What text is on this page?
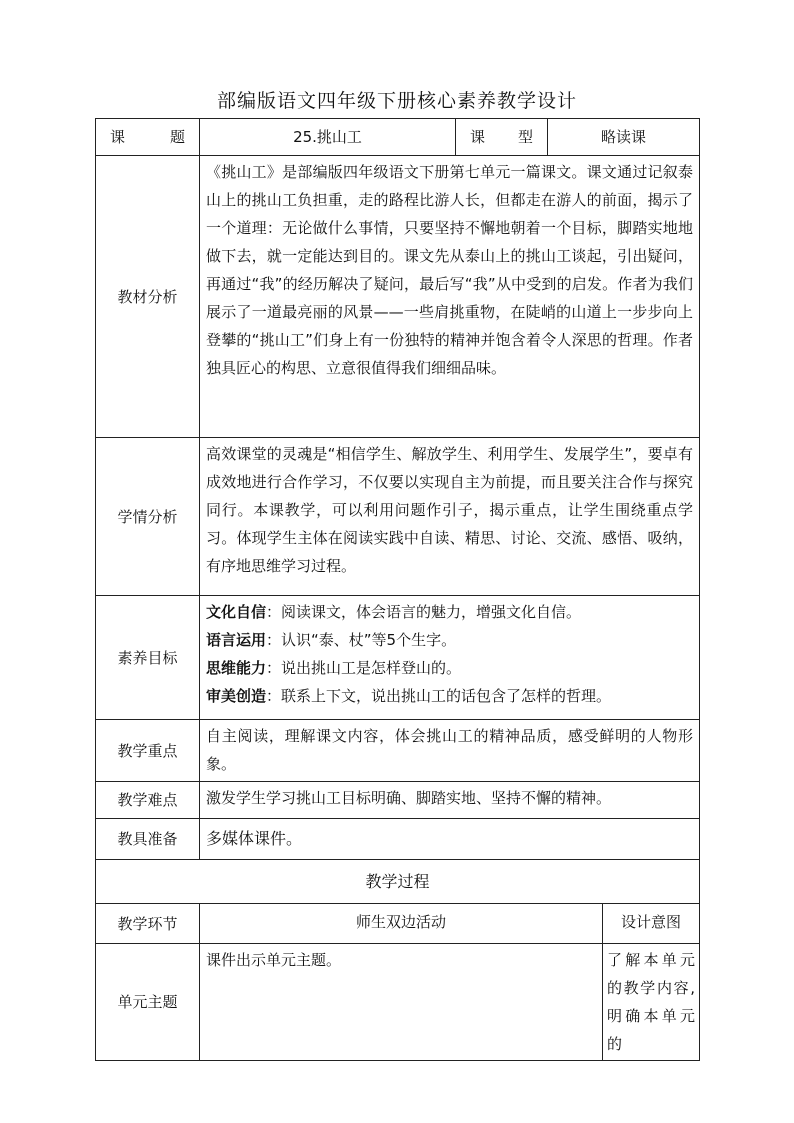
部编版语文四年级下册核心素养教学设计
课　　题	25.挑山工	课　型	略读课	
教材分析	《挑山工》是部编版四年级语文下册第七单元一篇课文。课文通过记叙泰山上的挑山工负担重，走的路程比游人长，但都走在游人的前面，揭示了一个道理：无论做什么事情，只要坚持不懈地朝着一个目标，脚踏实地地做下去，就一定能达到目的。课文先从泰山上的挑山工谈起，引出疑问，再通过“我”的经历解决了疑问，最后写“我”从中受到的启发。作者为我们展示了一道最亮丽的风景——一些肩挑重物，在陡峭的山道上一步步向上登攀的“挑山工”们身上有一份独特的精神并饱含着令人深思的哲理。作者独具匠心的构思、立意很值得我们细细品味。			
学情分析	高效课堂的灵魂是“相信学生、解放学生、利用学生、发展学生”，要卓有成效地进行合作学习，不仅要以实现自主为前提，而且要关注合作与探究同行。本课教学，可以利用问题作引子，揭示重点，让学生围绕重点学习。体现学生主体在阅读实践中自读、精思、讨论、交流、感悟、吸纳，有序地思维学习过程。			
素养目标	文化自信：阅读课文，体会语言的魅力，增强文化自信。
语言运用：认识“泰、杖”等5个生字。
思维能力：说出挑山工是怎样登山的。
审美创造：联系上下文，说出挑山工的话包含了怎样的哲理。			

教学重点	自主阅读，理解课文内容，体会挑山工的精神品质，感受鲜明的人物形象。			
教学难点	激发学生学习挑山工目标明确、脚踏实地、坚持不懈的精神。			
教具准备	多媒体课件。			
教学过程				
教学环节	师生双边活动			设计意图
单元主题	课件出示单元主题。			了解本单元的教学内容,明确本单元的
